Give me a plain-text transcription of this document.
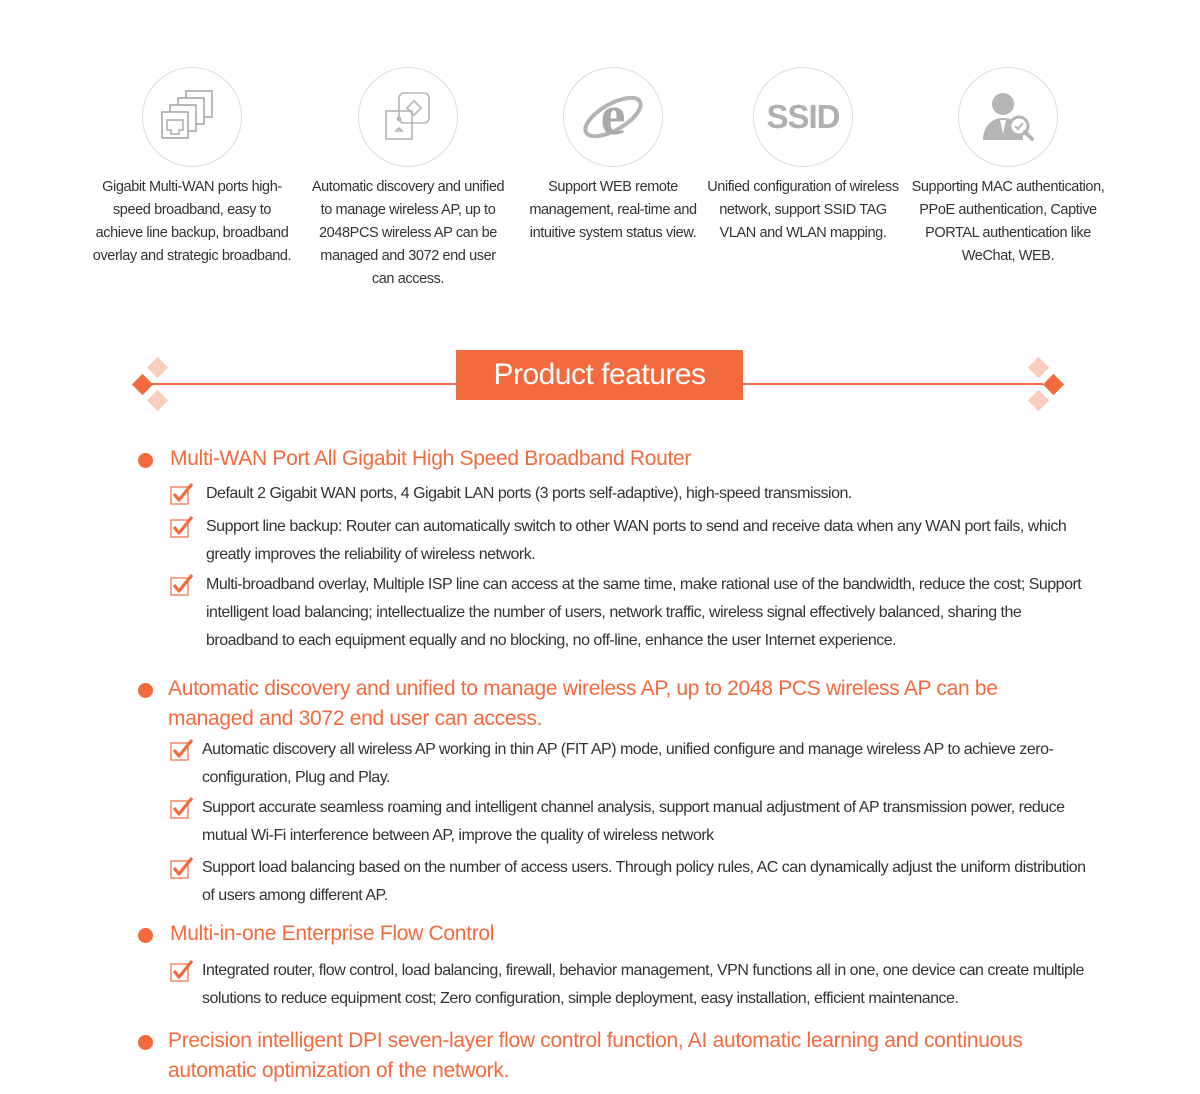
Gigabit Multi-WAN ports high-speed broadband, easy to achieve line backup, broadband overlay and strategic broadband.
Automatic discovery and unified to manage wireless AP, up to 2048PCS wireless AP can be managed and 3072 end user can access.
e
Support WEB remote management, real-time and intuitive system status view.
SSID
Unified configuration of wireless network, support SSID TAG VLAN and WLAN mapping.
Supporting MAC authentication, PPoE authentication, Captive PORTAL authentication like WeChat, WEB.
Product features
Multi-WAN Port All Gigabit High Speed Broadband Router
Default 2 Gigabit WAN ports, 4 Gigabit LAN ports (3 ports self-adaptive), high-speed transmission.
Support line backup: Router can automatically switch to other WAN ports to send and receive data when any WAN port fails, which greatly improves the reliability of wireless network.
Multi-broadband overlay, Multiple ISP line can access at the same time, make rational use of the bandwidth, reduce the cost; Support intelligent load balancing; intellectualize the number of users, network traffic, wireless signal effectively balanced, sharing the broadband to each equipment equally and no blocking, no off-line, enhance the user Internet experience.
Automatic discovery and unified to manage wireless AP, up to 2048 PCS wireless AP can be managed and 3072 end user can access.
Automatic discovery all wireless AP working in thin AP (FIT AP) mode, unified configure and manage wireless AP to achieve zero-configuration, Plug and Play.
Support accurate seamless roaming and intelligent channel analysis, support manual adjustment of AP transmission power, reduce mutual Wi-Fi interference between AP, improve the quality of wireless network
Support load balancing based on the number of access users. Through policy rules, AC can dynamically adjust the uniform distribution of users among different AP.
Multi-in-one Enterprise Flow Control
Integrated router, flow control, load balancing, firewall, behavior management, VPN functions all in one, one device can create multiple solutions to reduce equipment cost; Zero configuration, simple deployment, easy installation, efficient maintenance.
Precision intelligent DPI seven-layer flow control function, AI automatic learning and continuous automatic optimization of the network.
